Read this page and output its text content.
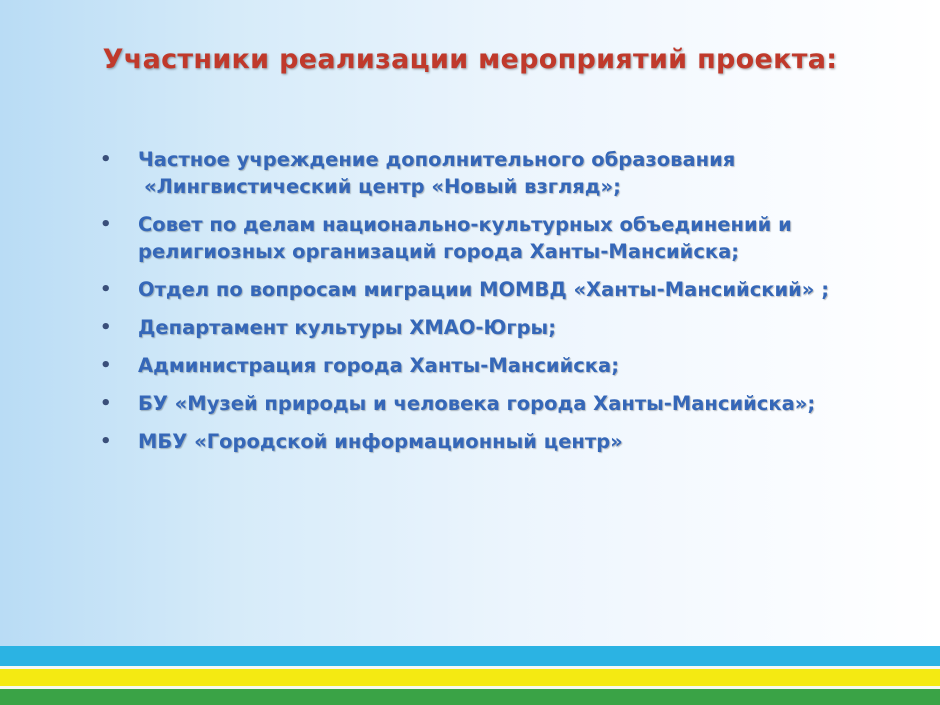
Участники реализации мероприятий проекта:
• Частное учреждение дополнительного образования
«Лингвистический центр «Новый взгляд»;
• Совет по делам национально-культурных объединений и
религиозных организаций города Ханты-Мансийска;
• Отдел по вопросам миграции МОМВД «Ханты-Мансийский» ;
• Департамент культуры ХМАО-Югры;
• Администрация города Ханты-Мансийска;
• БУ «Музей природы и человека города Ханты-Мансийска»;
• МБУ «Городской информационный центр»
